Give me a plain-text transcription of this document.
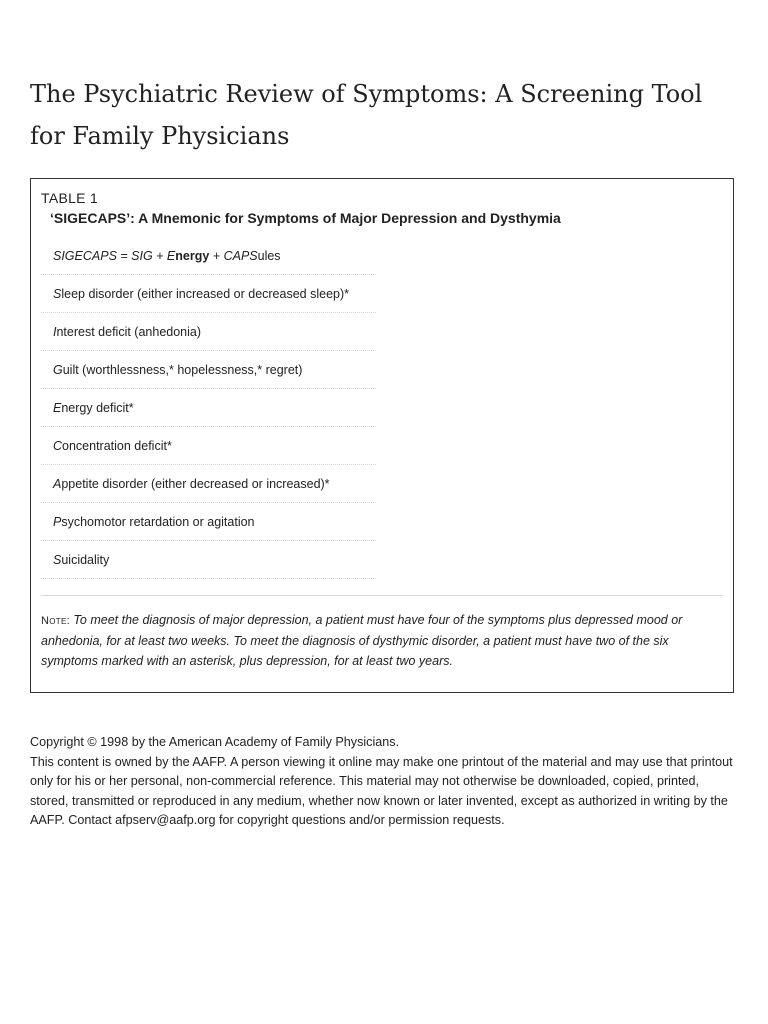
The Psychiatric Review of Symptoms: A Screening Tool for Family Physicians
TABLE 1
‘SIGECAPS’: A Mnemonic for Symptoms of Major Depression and Dysthymia
SIGECAPS = SIG + Energy + CAPSules
Sleep disorder (either increased or decreased sleep)*
Interest deficit (anhedonia)
Guilt (worthlessness,* hopelessness,* regret)
Energy deficit*
Concentration deficit*
Appetite disorder (either decreased or increased)*
Psychomotor retardation or agitation
Suicidality

Note: To meet the diagnosis of major depression, a patient must have four of the symptoms plus depressed mood or anhedonia, for at least two weeks. To meet the diagnosis of dysthymic disorder, a patient must have two of the six symptoms marked with an asterisk, plus depression, for at least two years.

Copyright © 1998 by the American Academy of Family Physicians.

This content is owned by the AAFP. A person viewing it online may make one printout of the material and may use that printout only for his or her personal, non-commercial reference. This material may not otherwise be downloaded, copied, printed, stored, transmitted or reproduced in any medium, whether now known or later invented, except as authorized in writing by the AAFP. Contact afpserv@aafp.org for copyright questions and/or permission requests.
